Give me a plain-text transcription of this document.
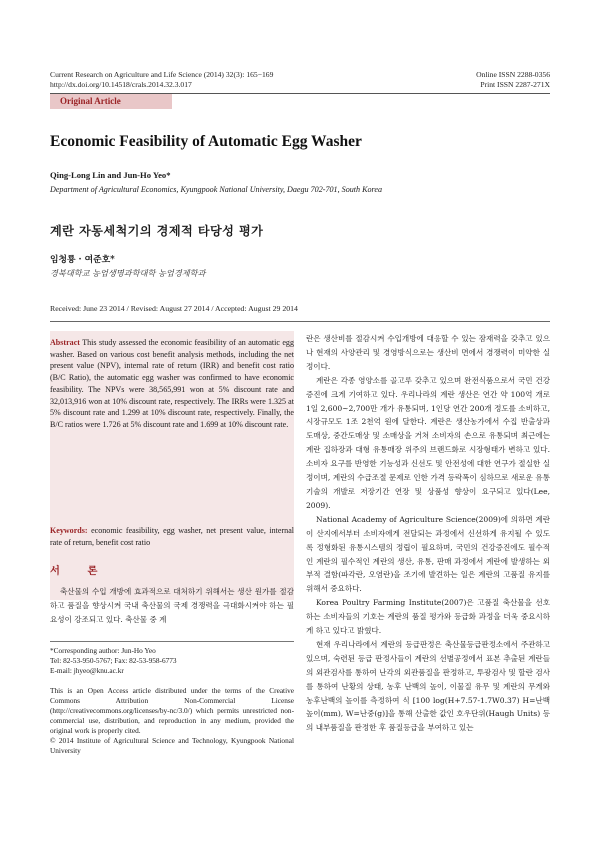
Current Research on Agriculture and Life Science (2014) 32(3): 165−169
http://dx.doi.org/10.14518/crals.2014.32.3.017
Online ISSN 2288-0356
Print ISSN 2287-271X
Original Article
Economic Feasibility of Automatic Egg Washer
Qing-Long Lin and Jun-Ho Yeo*
Department of Agricultural Economics, Kyungpook National University, Daegu 702-701, South Korea
계란 자동세척기의 경제적 타당성 평가
임청룡 · 여준호*
경북대학교 농업생명과학대학 농업경제학과
Received: June 23 2014 / Revised: August 27 2014 / Accepted: August 29 2014
Abstract This study assessed the economic feasibility of an automatic egg washer. Based on various cost benefit analysis methods, including the net present value (NPV), internal rate of return (IRR) and benefit cost ratio (B/C Ratio), the automatic egg washer was confirmed to have economic feasibility. The NPVs were 38,565,991 won at 5% discount rate and 32,013,916 won at 10% discount rate, respectively. The IRRs were 1.325 at 5% discount rate and 1.299 at 10% discount rate, respectively. Finally, the B/C ratios were 1.726 at 5% discount rate and 1.699 at 10% discount rate.
Keywords: economic feasibility, egg washer, net present value, internal rate of return, benefit cost ratio
서 론

축산물의 수입 개방에 효과적으로 대처하기 위해서는 생산 원가를 절감하고 품질을 향상시켜 국내 축산물의 국제 경쟁력을 극대화시켜야 하는 필요성이 강조되고 있다. 축산물 중 계

*Corresponding author: Jun-Ho Yeo

Tel: 82-53-950-5767; Fax: 82-53-958-6773

E-mail: jhyeo@knu.ac.kr

This is an Open Access article distributed under the terms of the Creative Commons Attribution Non-Commercial License (http://creativecommons.org/licenses/by-nc/3.0/) which permits unrestricted non-commercial use, distribution, and reproduction in any medium, provided the original work is properly cited.

© 2014 Institute of Agricultural Science and Technology, Kyungpook National University

란은 생산비를 절감시켜 수입개방에 대응할 수 있는 잠재력을 갖추고 있으나 현재의 사양관리 및 경영방식으로는 생산비 면에서 경쟁력이 미약한 실정이다.

계란은 각종 영양소를 골고루 갖추고 있으며 완전식품으로서 국민 건강 증진에 크게 기여하고 있다. 우리나라의 계란 생산은 연간 약 100억 개로 1일 2,600~2,700만 개가 유통되며, 1인당 연간 200개 정도를 소비하고, 시장규모도 1조 2천억 원에 달한다. 계란은 생산농가에서 수집 반출상과 도매상, 중간도매상 및 소매상을 거쳐 소비자의 손으로 유통되며 최근에는 계란 집하장과 대형 유통매장 위주의 브랜드화로 시장형태가 변하고 있다. 소비자 요구를 반영한 기능성과 신선도 및 안전성에 대한 연구가 절실한 실정이며, 계란의 수급조절 문제로 인한 가격 등락폭이 심하므로 새로운 유통기술의 개발로 저장기간 연장 및 상품성 향상이 요구되고 있다(Lee, 2009).

National Academy of Agriculture Science(2009)에 의하면 계란이 산지에서부터 소비자에게 전달되는 과정에서 신선하게 유지될 수 있도록 정형화된 유통시스템의 정립이 필요하며, 국민의 건강증진에도 필수적인 계란의 필수적인 계란의 생산, 유통, 판매 과정에서 계란에 발생하는 외부적 결함(파각란, 오염란)을 조기에 발견하는 일은 계란의 고품질 유지를 위해서 중요하다.

Korea Poultry Farming Institute(2007)은 고품질 축산물을 선호하는 소비자들의 기호는 계란의 품질 평가와 등급화 과정을 더욱 중요시하게 하고 있다고 밝혔다.

현재 우리나라에서 계란의 등급판정은 축산물등급판정소에서 주관하고 있으며, 숙련된 등급 판정사들이 계란의 선별공정에서 표본 추출된 계란들의 외관검사를 통하여 난각의 외관품질을 판정하고, 투광검사 및 할란 검사를 통하여 난황의 상태, 농후 난백의 높이, 이물질 유무 및 계란의 무게와 농후난백의 높이를 측정하여 식 [100 log(H+7.57-1.7W0.37) H=난백높이(mm), W=난중(g)]을 통해 산출한 값인 호우단위(Haugh Units) 등의 내부품질을 판정한 후 품질등급을 부여하고 있는
